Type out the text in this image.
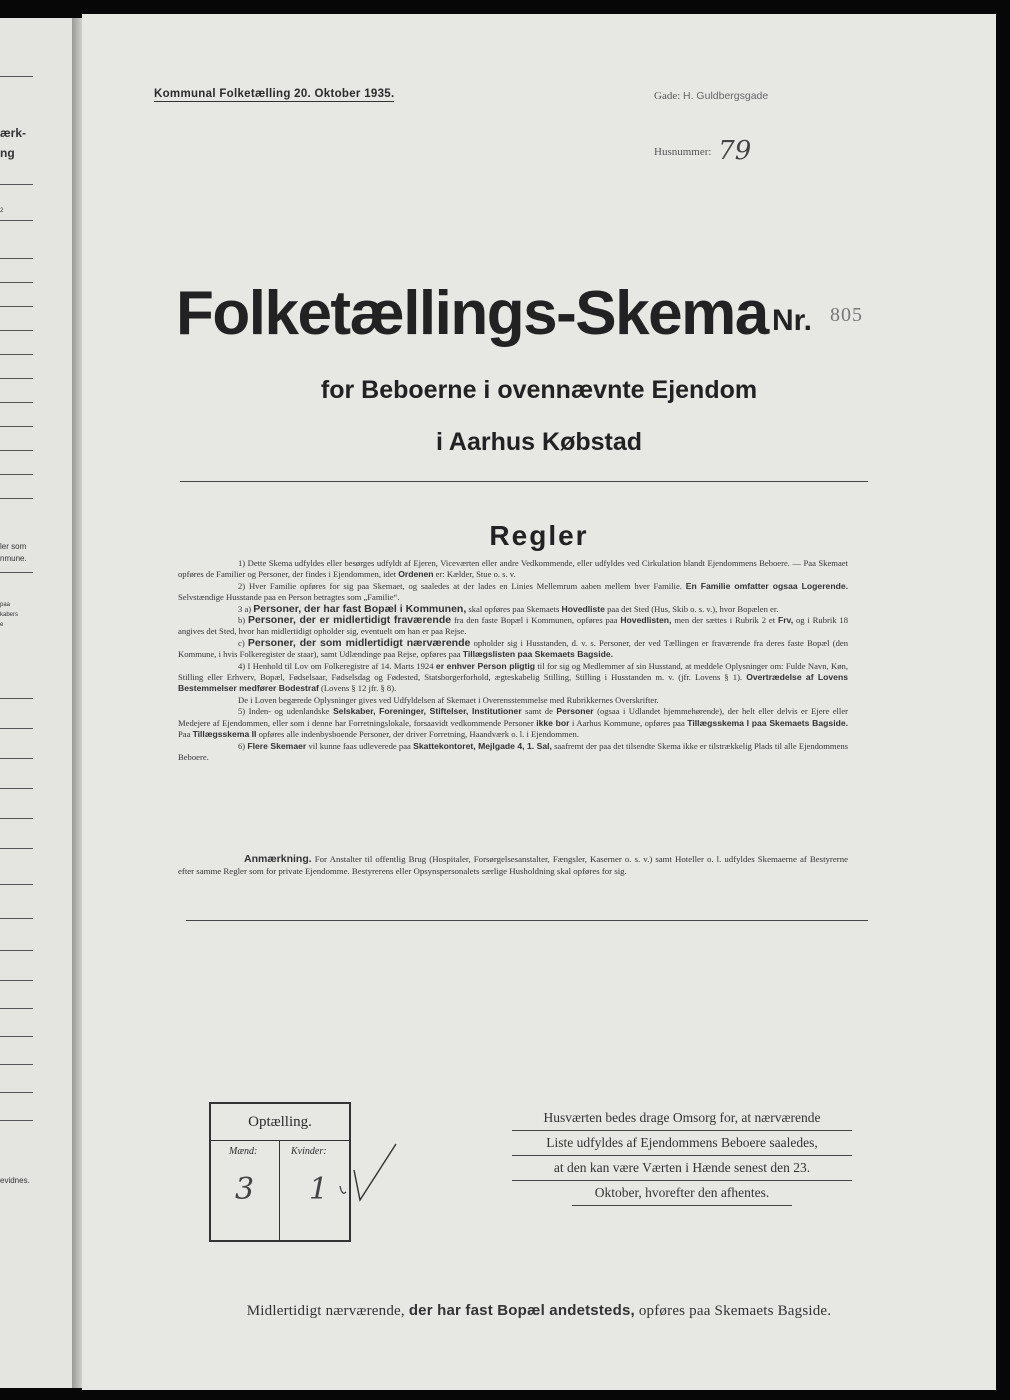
ærk-
ng
2
ler som
nmune.
paa
kabers
e
evidnes.
Kommunal Folketælling 20. Oktober 1935.	Gade: H. Guldbergsgade
Husnummer: 79
Folketællings-Skema Nr. 805
for Beboerne i ovennævnte Ejendom
i Aarhus Købstad
Regler

1) Dette Skema udfyldes eller besørges udfyldt af Ejeren, Viceværten eller andre Vedkommende, eller udfyldes ved Cirkulation blandt Ejendommens Beboere. — Paa Skemaet opføres de Familier og Personer, der findes i Ejendommen, idet Ordenen er: Kælder, Stue o. s. v.

2) Hver Familie opføres for sig paa Skemaet, og saaledes at der lades en Linies Mellemrum aaben mellem hver Familie. En Familie omfatter ogsaa Logerende. Selvstændige Husstande paa en Person betragtes som „Familie“.

3 a) Personer, der har fast Bopæl i Kommunen, skal opføres paa Skemaets Hovedliste paa det Sted (Hus, Skib o. s. v.), hvor Bopælen er.

b) Personer, der er midlertidigt fraværende fra den faste Bopæl i Kommunen, opføres paa Hovedlisten, men der sættes i Rubrik 2 et Frv, og i Rubrik 18 angives det Sted, hvor han midlertidigt opholder sig, eventuelt om han er paa Rejse.

c) Personer, der som midlertidigt nærværende opholder sig i Husstanden, d. v. s. Personer, der ved Tællingen er fraværende fra deres faste Bopæl (den Kommune, i hvis Folkeregister de staar), samt Udlændinge paa Rejse, opføres paa Tillægslisten paa Skemaets Bagside.

4) I Henhold til Lov om Folkeregistre af 14. Marts 1924 er enhver Person pligtig til for sig og Medlemmer af sin Husstand, at meddele Oplysninger om: Fulde Navn, Køn, Stilling eller Erhverv, Bopæl, Fødselsaar, Fødselsdag og Fødested, Statsborgerforhold, ægteskabelig Stilling, Stilling i Husstanden m. v. (jfr. Lovens § 1). Overtrædelse af Lovens Bestemmelser medfører Bodestraf (Lovens § 12 jfr. § 8).

De i Loven begærede Oplysninger gives ved Udfyldelsen af Skemaet i Overensstemmelse med Rubrikkernes Overskrifter.

5) Inden- og udenlandske Selskaber, Foreninger, Stiftelser, Institutioner samt de Personer (ogsaa i Udlandet hjemmehørende), der helt eller delvis er Ejere eller Medejere af Ejendommen, eller som i denne har Forretningslokale, forsaavidt vedkommende Personer ikke bor i Aarhus Kommune, opføres paa Tillægsskema I paa Skemaets Bagside. Paa Tillægsskema II opføres alle indenbysboende Personer, der driver Forretning, Haandværk o. l. i Ejendommen.

6) Flere Skemaer vil kunne faas udleverede paa Skattekontoret, Mejlgade 4, 1. Sal, saafremt der paa det tilsendte Skema ikke er tilstrækkelig Plads til alle Ejendommens Beboere.

Anmærkning. For Anstalter til offentlig Brug (Hospitaler, Forsørgelsesanstalter, Fængsler, Kaserner o. s. v.) samt Hoteller o. l. udfyldes Skemaerne af Bestyrerne efter samme Regler som for private Ejendomme. Bestyrerens eller Opsynspersonalets særlige Husholdning skal opføres for sig.

Optælling.
Mænd:	Kvinder:
3 1
Husværten bedes drage Omsorg for, at nærværende
Liste udfyldes af Ejendommens Beboere saaledes,
at den kan være Værten i Hænde senest den 23.
Oktober, hvorefter den afhentes.
Midlertidigt nærværende, der har fast Bopæl andetsteds, opføres paa Skemaets Bagside.
